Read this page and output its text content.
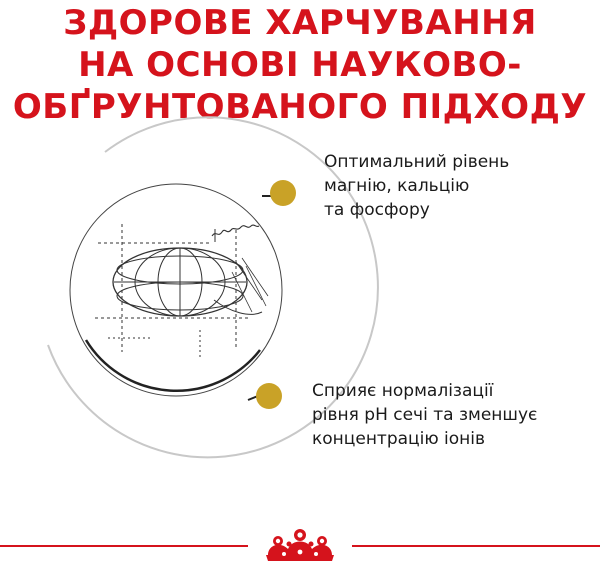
ЗДОРОВЕ ХАРЧУВАННЯ
НА ОСНОВІ НАУКОВО-
ОБҐРУНТОВАНОГО ПІДХОДУ
Оптимальний рівень
магнію, кальцію
та фосфору
Сприяє нормалізації
рівня pH сечі та зменшує
концентрацію іонів
